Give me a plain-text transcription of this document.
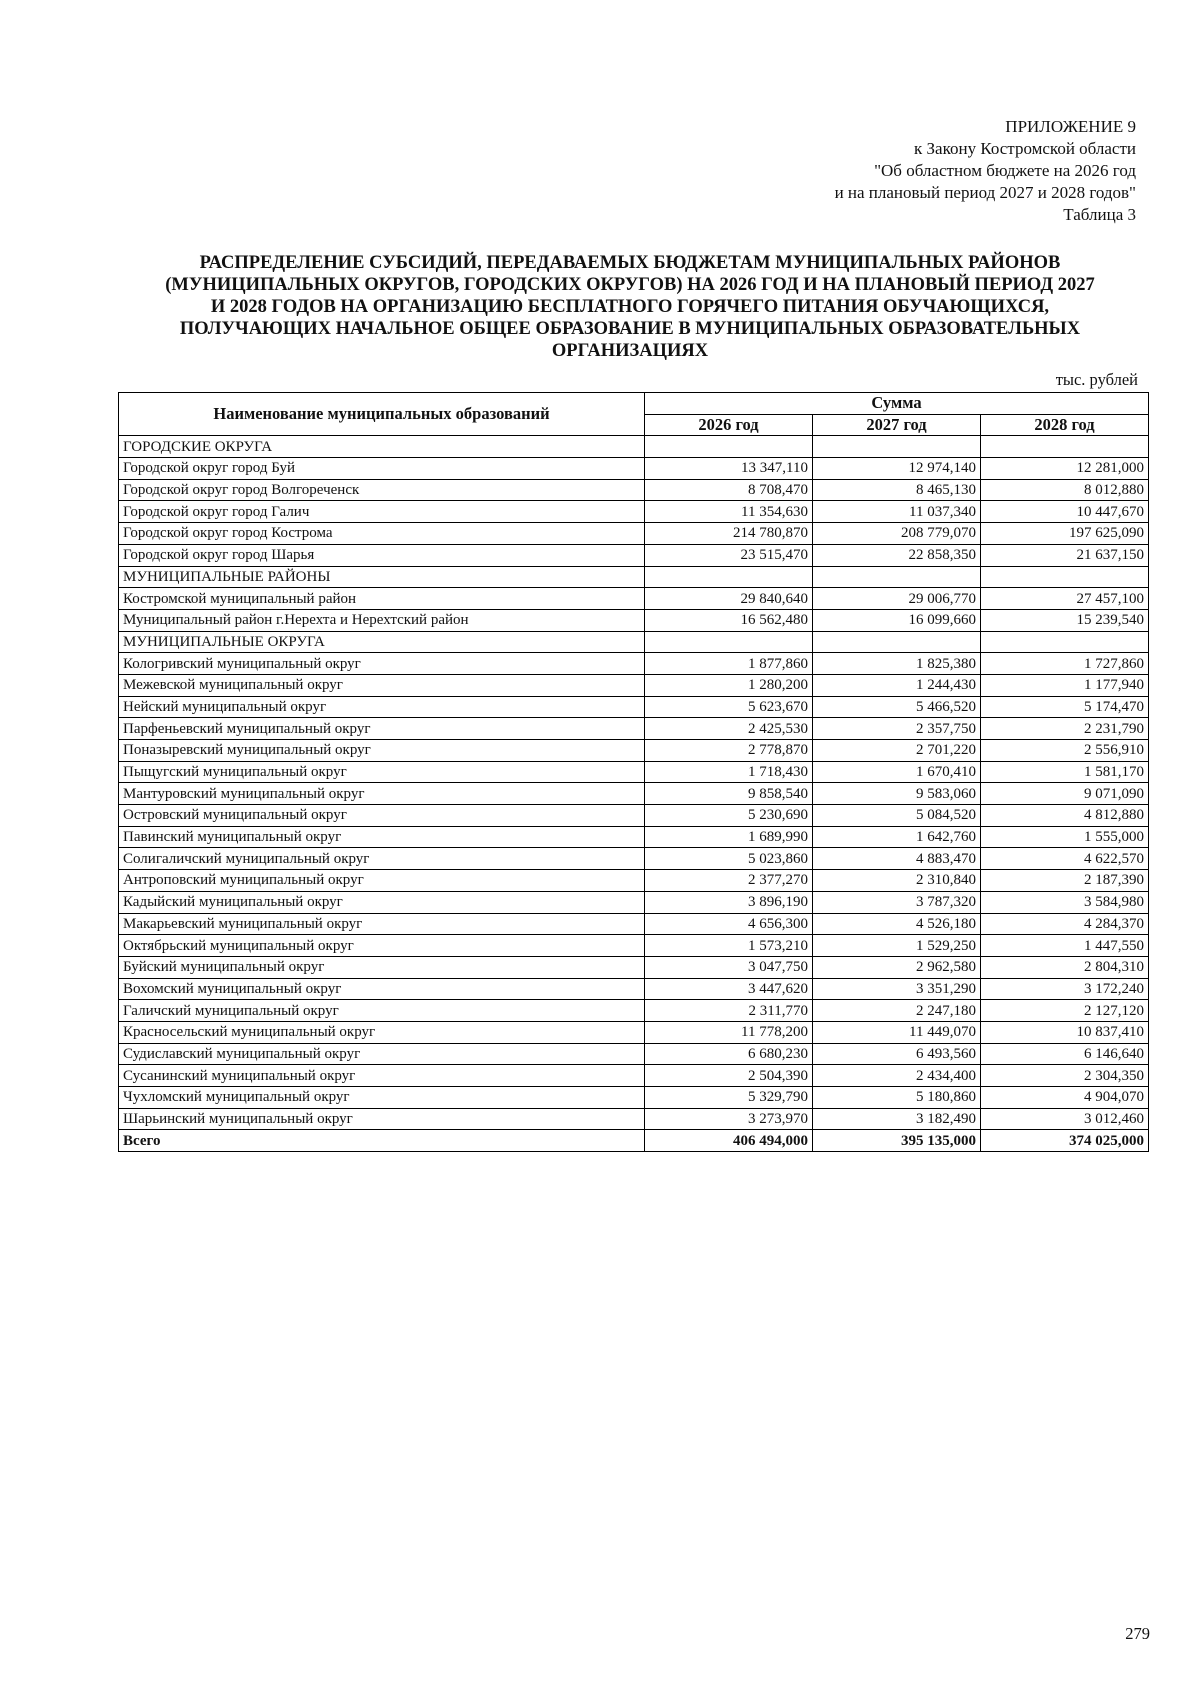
ПРИЛОЖЕНИЕ 9
к Закону Костромской области
"Об областном бюджете на 2026 год
и на плановый период 2027 и 2028 годов"
Таблица 3
РАСПРЕДЕЛЕНИЕ СУБСИДИЙ, ПЕРЕДАВАЕМЫХ БЮДЖЕТАМ МУНИЦИПАЛЬНЫХ РАЙОНОВ
(МУНИЦИПАЛЬНЫХ ОКРУГОВ, ГОРОДСКИХ ОКРУГОВ) НА 2026 ГОД И НА ПЛАНОВЫЙ ПЕРИОД 2027
И 2028 ГОДОВ НА ОРГАНИЗАЦИЮ БЕСПЛАТНОГО ГОРЯЧЕГО ПИТАНИЯ ОБУЧАЮЩИХСЯ,
ПОЛУЧАЮЩИХ НАЧАЛЬНОЕ ОБЩЕЕ ОБРАЗОВАНИЕ В МУНИЦИПАЛЬНЫХ ОБРАЗОВАТЕЛЬНЫХ
ОРГАНИЗАЦИЯХ
тыс. рублей
Наименование муниципальных образований	Сумма		
	2026 год	2027 год	2028 год
ГОРОДСКИЕ ОКРУГА			
Городской округ город Буй	13 347,110	12 974,140	12 281,000
Городской округ город Волгореченск	8 708,470	8 465,130	8 012,880
Городской округ город Галич	11 354,630	11 037,340	10 447,670
Городской округ город Кострома	214 780,870	208 779,070	197 625,090
Городской округ город Шарья	23 515,470	22 858,350	21 637,150
МУНИЦИПАЛЬНЫЕ РАЙОНЫ			
Костромской муниципальный район	29 840,640	29 006,770	27 457,100
Муниципальный район г.Нерехта и Нерехтский район	16 562,480	16 099,660	15 239,540
МУНИЦИПАЛЬНЫЕ ОКРУГА			
Кологривский муниципальный округ	1 877,860	1 825,380	1 727,860
Межевской муниципальный округ	1 280,200	1 244,430	1 177,940
Нейский муниципальный округ	5 623,670	5 466,520	5 174,470
Парфеньевский муниципальный округ	2 425,530	2 357,750	2 231,790
Поназыревский муниципальный округ	2 778,870	2 701,220	2 556,910
Пыщугский муниципальный округ	1 718,430	1 670,410	1 581,170
Мантуровский муниципальный округ	9 858,540	9 583,060	9 071,090
Островский муниципальный округ	5 230,690	5 084,520	4 812,880
Павинский муниципальный округ	1 689,990	1 642,760	1 555,000
Солигаличский муниципальный округ	5 023,860	4 883,470	4 622,570
Антроповский муниципальный округ	2 377,270	2 310,840	2 187,390
Кадыйский муниципальный округ	3 896,190	3 787,320	3 584,980
Макарьевский муниципальный округ	4 656,300	4 526,180	4 284,370
Октябрьский муниципальный округ	1 573,210	1 529,250	1 447,550
Буйский муниципальный округ	3 047,750	2 962,580	2 804,310
Вохомский муниципальный округ	3 447,620	3 351,290	3 172,240
Галичский муниципальный округ	2 311,770	2 247,180	2 127,120
Красносельский муниципальный округ	11 778,200	11 449,070	10 837,410
Судиславский муниципальный округ	6 680,230	6 493,560	6 146,640
Сусанинский муниципальный округ	2 504,390	2 434,400	2 304,350
Чухломский муниципальный округ	5 329,790	5 180,860	4 904,070
Шарьинский муниципальный округ	3 273,970	3 182,490	3 012,460
Всего	406 494,000	395 135,000	374 025,000
279
